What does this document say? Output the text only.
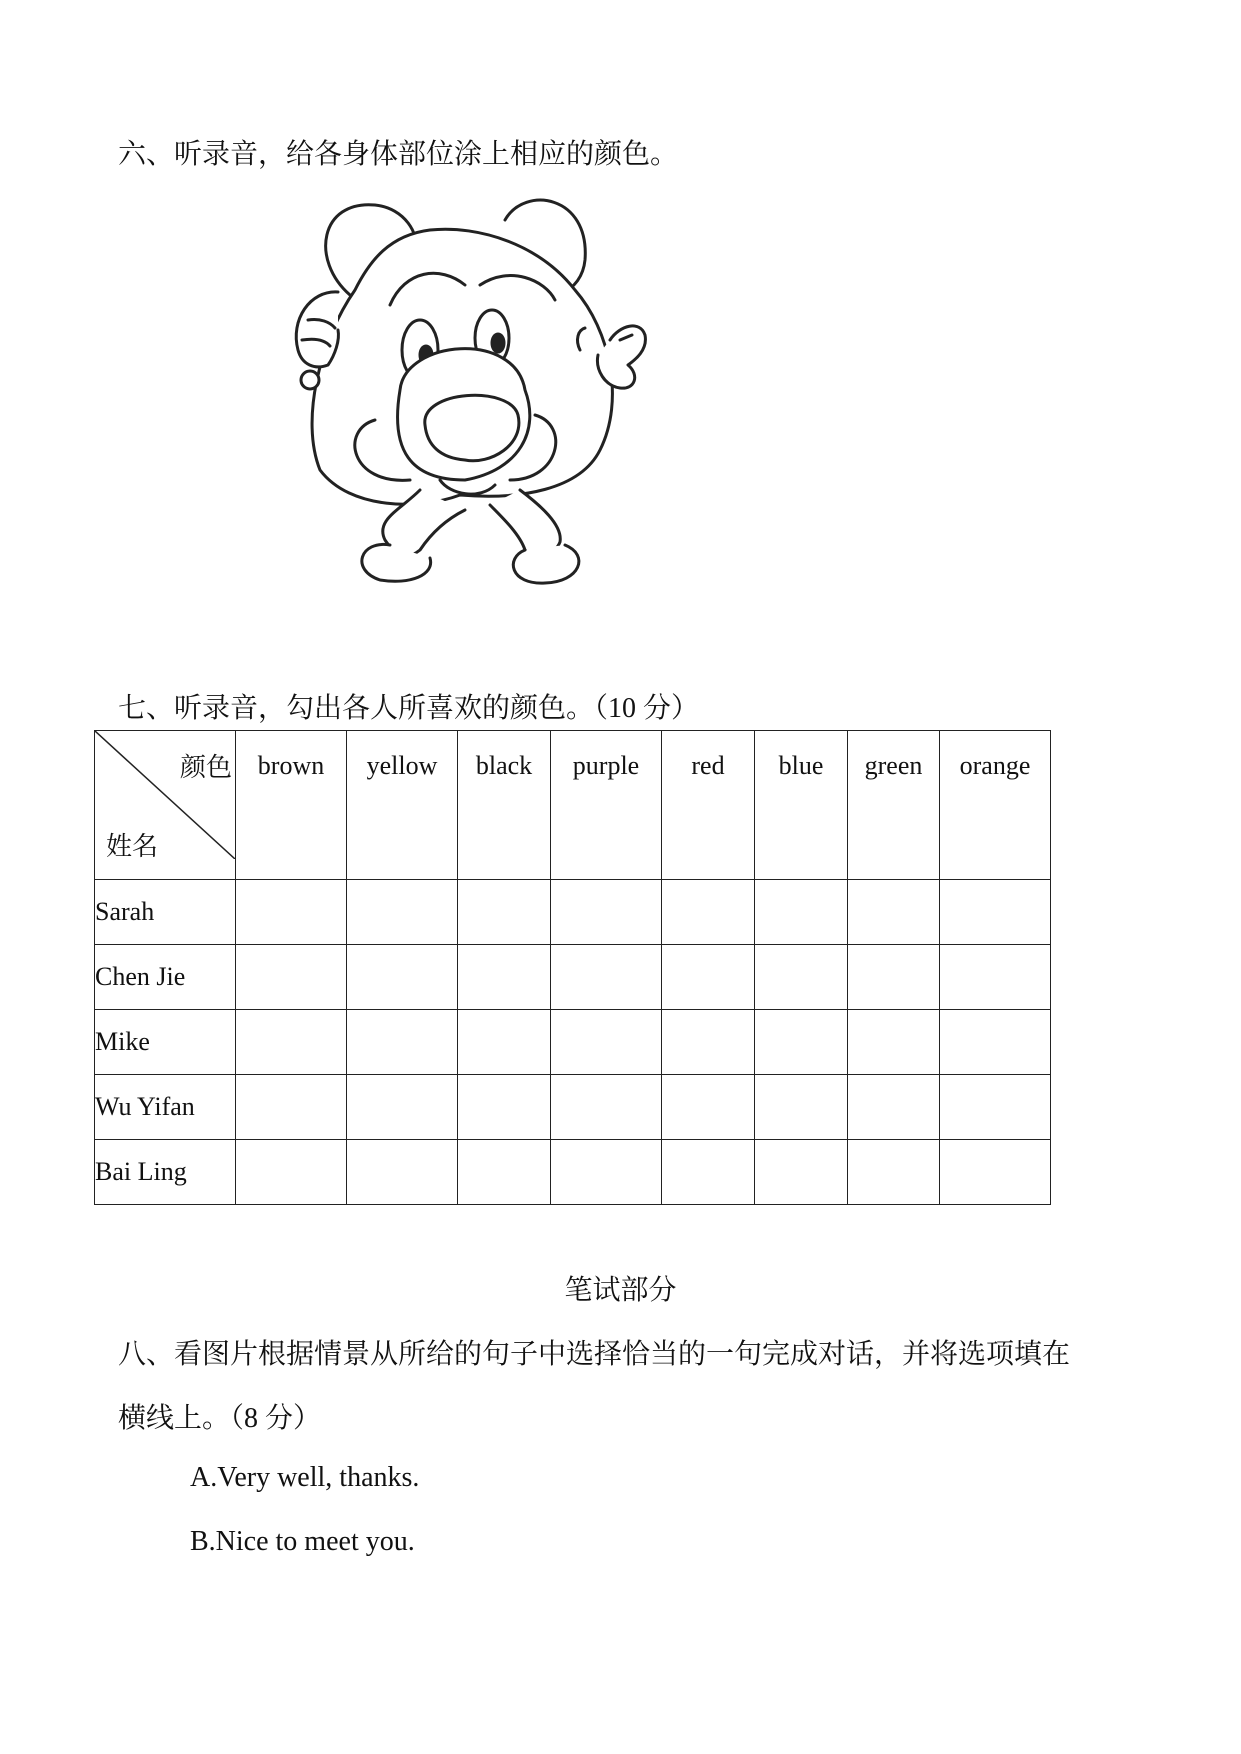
六、听录音，给各身体部位涂上相应的颜色。
七、听录音，勾出各人所喜欢的颜色。（10 分）
颜色
姓名	brown	yellow	black	purple	red	blue	green	orange
Sarah								
Chen Jie								
Mike								
Wu Yifan								
Bai Ling								
笔试部分
八、看图片根据情景从所给的句子中选择恰当的一句完成对话，并将选项填在
横线上。（8 分）
A.Very well, thanks.
B.Nice to meet you.
